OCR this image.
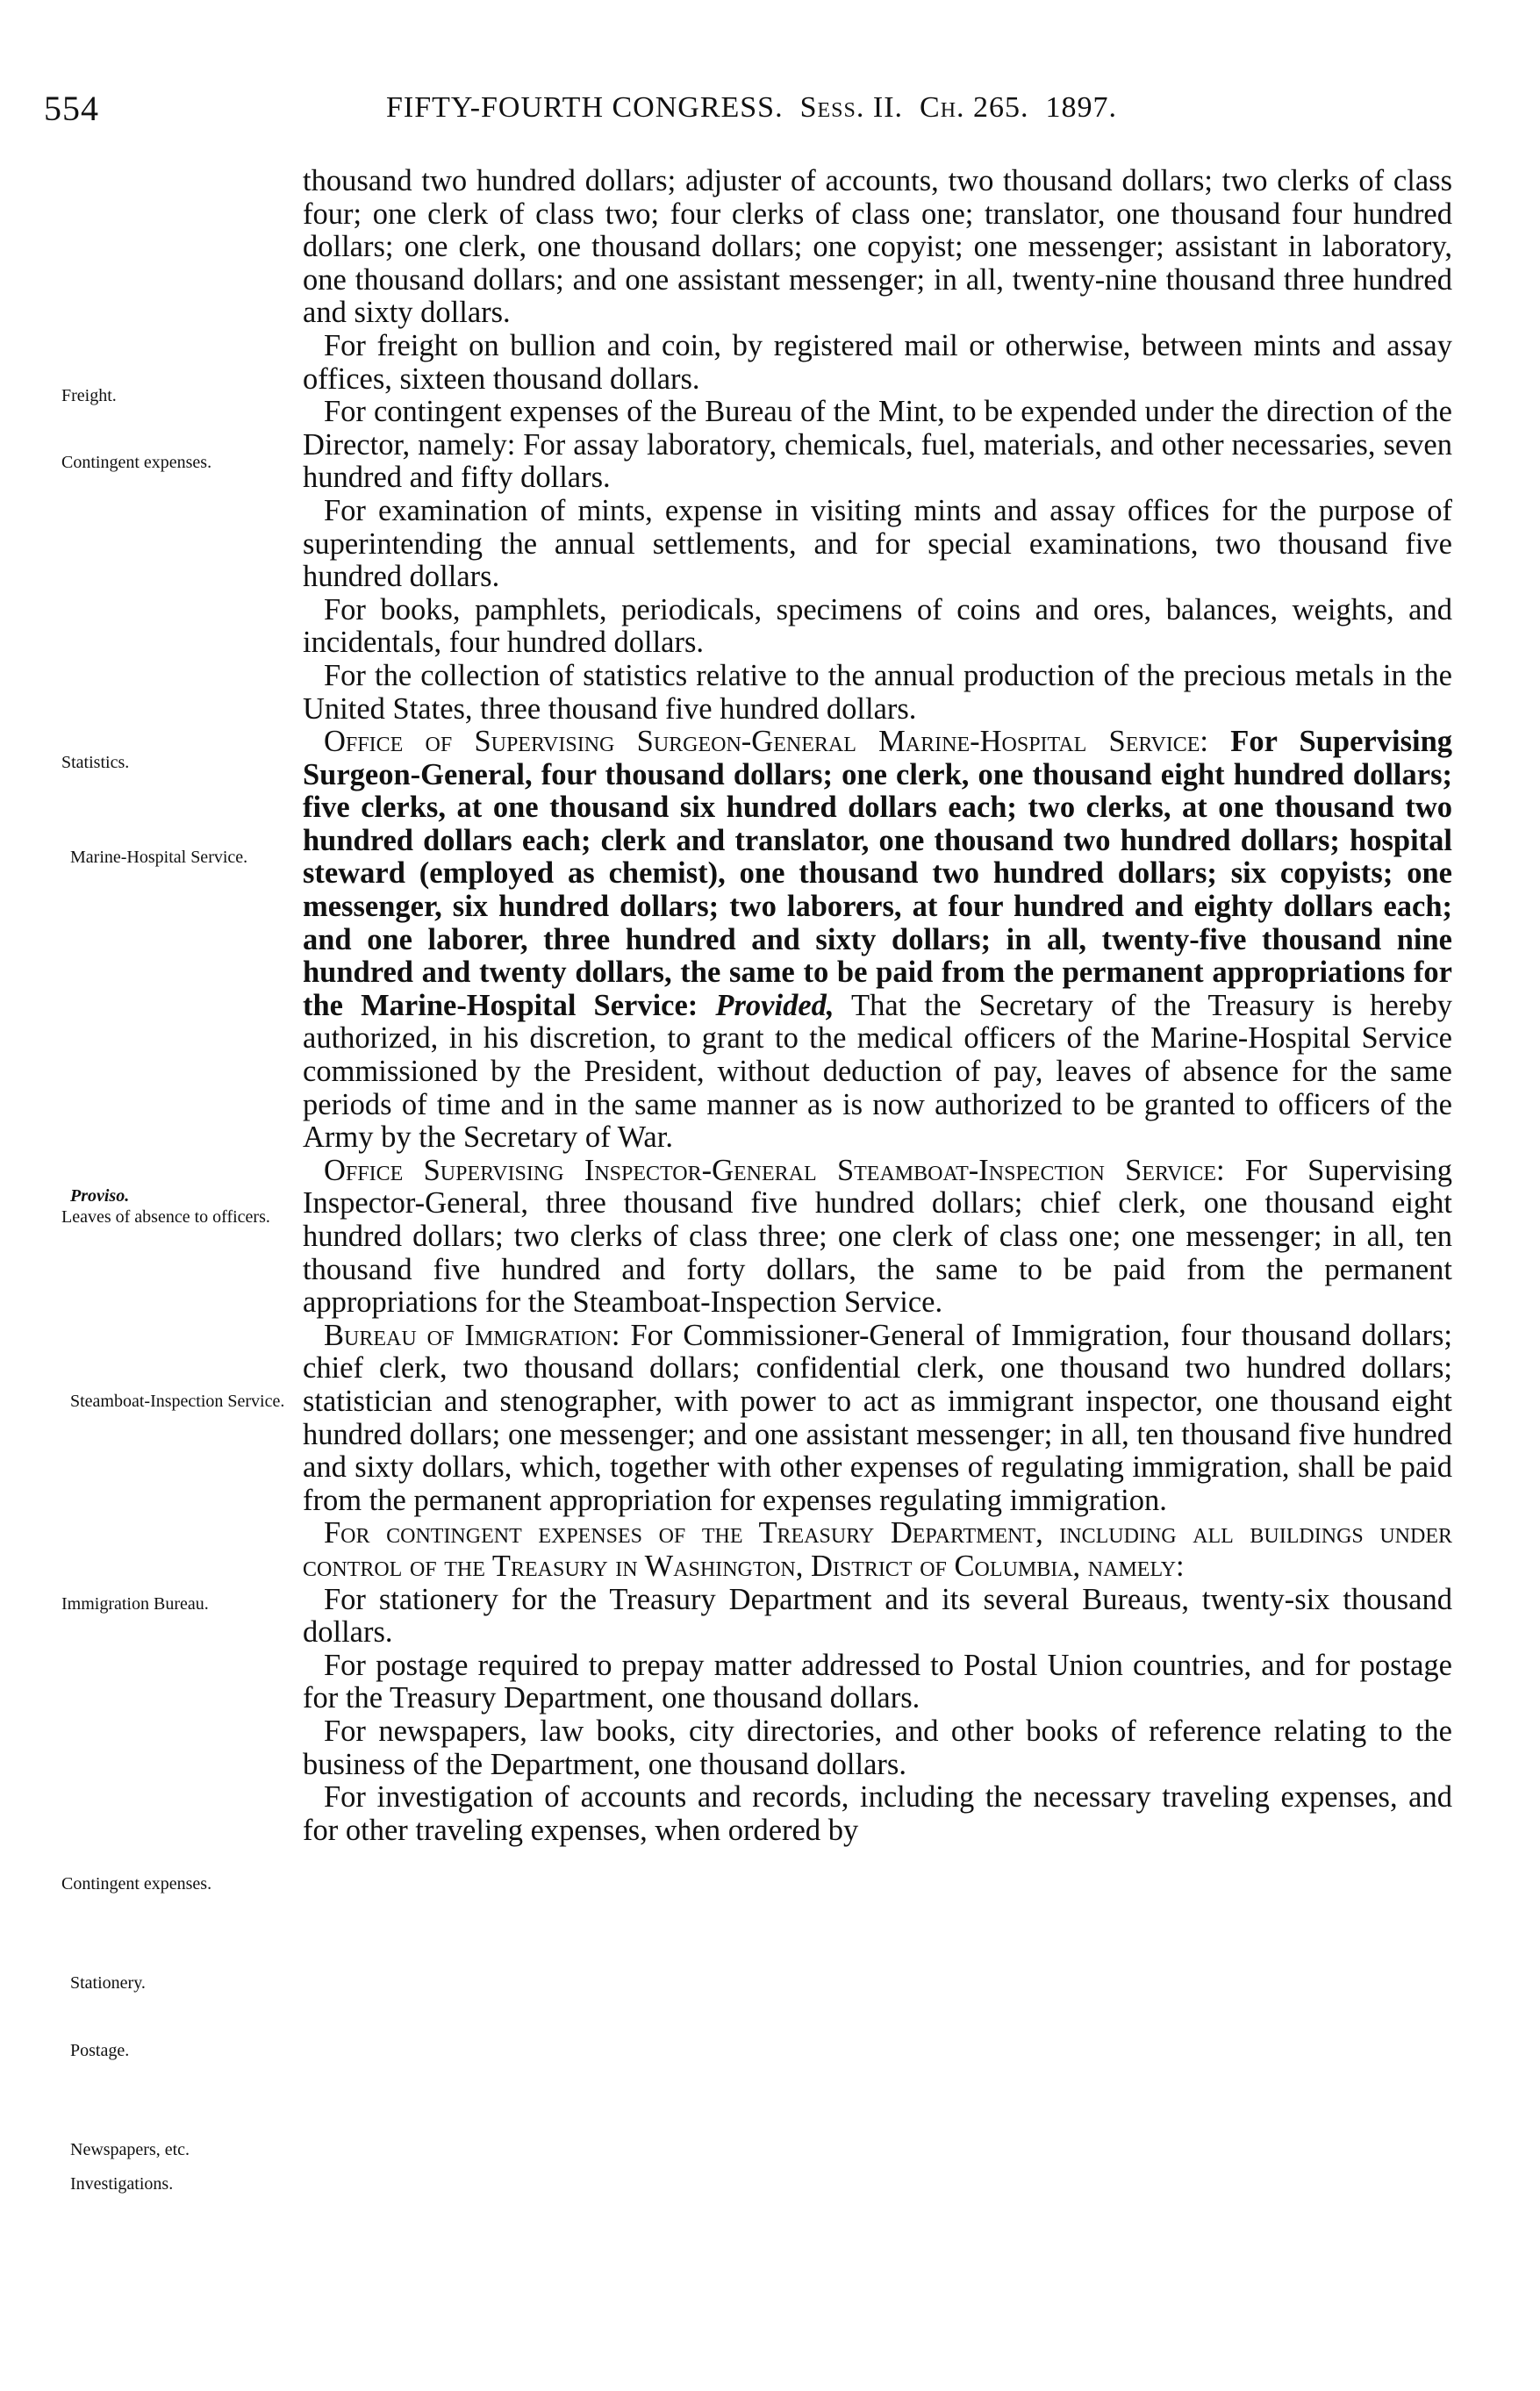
554	FIFTY-FOURTH CONGRESS. Sess. II. Ch. 265. 1897.
Freight.
Contingent expenses.
Statistics.
Marine-Hospital Service.
Proviso.
Leaves of absence to officers.
Steamboat-Inspection Service.
Immigration Bureau.
Contingent expenses.
Stationery.
Postage.
Newspapers, etc.
Investigations.

thousand two hundred dollars; adjuster of accounts, two thousand dollars; two clerks of class four; one clerk of class two; four clerks of class one; translator, one thousand four hundred dollars; one clerk, one thousand dollars; one copyist; one messenger; assistant in laboratory, one thousand dollars; and one assistant messenger; in all, twenty-nine thousand three hundred and sixty dollars.

For freight on bullion and coin, by registered mail or otherwise, between mints and assay offices, sixteen thousand dollars.

For contingent expenses of the Bureau of the Mint, to be expended under the direction of the Director, namely: For assay laboratory, chemicals, fuel, materials, and other necessaries, seven hundred and fifty dollars.

For examination of mints, expense in visiting mints and assay offices for the purpose of superintending the annual settlements, and for special examinations, two thousand five hundred dollars.

For books, pamphlets, periodicals, specimens of coins and ores, balances, weights, and incidentals, four hundred dollars.

For the collection of statistics relative to the annual production of the precious metals in the United States, three thousand five hundred dollars.

Office of Supervising Surgeon-General Marine-Hospital Service: For Supervising Surgeon-General, four thousand dollars; one clerk, one thousand eight hundred dollars; five clerks, at one thousand six hundred dollars each; two clerks, at one thousand two hundred dollars each; clerk and translator, one thousand two hundred dollars; hospital steward (employed as chemist), one thousand two hundred dollars; six copyists; one messenger, six hundred dollars; two laborers, at four hundred and eighty dollars each; and one laborer, three hundred and sixty dollars; in all, twenty-five thousand nine hundred and twenty dollars, the same to be paid from the permanent appropriations for the Marine-Hospital Service: Provided, That the Secretary of the Treasury is hereby authorized, in his discretion, to grant to the medical officers of the Marine-Hospital Service commissioned by the President, without deduction of pay, leaves of absence for the same periods of time and in the same manner as is now authorized to be granted to officers of the Army by the Secretary of War.

Office Supervising Inspector-General Steamboat-Inspection Service: For Supervising Inspector-General, three thousand five hundred dollars; chief clerk, one thousand eight hundred dollars; two clerks of class three; one clerk of class one; one messenger; in all, ten thousand five hundred and forty dollars, the same to be paid from the permanent appropriations for the Steamboat-Inspection Service.

Bureau of Immigration: For Commissioner-General of Immigration, four thousand dollars; chief clerk, two thousand dollars; confidential clerk, one thousand two hundred dollars; statistician and stenographer, with power to act as immigrant inspector, one thousand eight hundred dollars; one messenger; and one assistant messenger; in all, ten thousand five hundred and sixty dollars, which, together with other expenses of regulating immigration, shall be paid from the permanent appropriation for expenses regulating immigration.

For contingent expenses of the Treasury Department, including all buildings under control of the Treasury in Washington, District of Columbia, namely:

For stationery for the Treasury Department and its several Bureaus, twenty-six thousand dollars.

For postage required to prepay matter addressed to Postal Union countries, and for postage for the Treasury Department, one thousand dollars.

For newspapers, law books, city directories, and other books of reference relating to the business of the Department, one thousand dollars.

For investigation of accounts and records, including the necessary traveling expenses, and for other traveling expenses, when ordered by
